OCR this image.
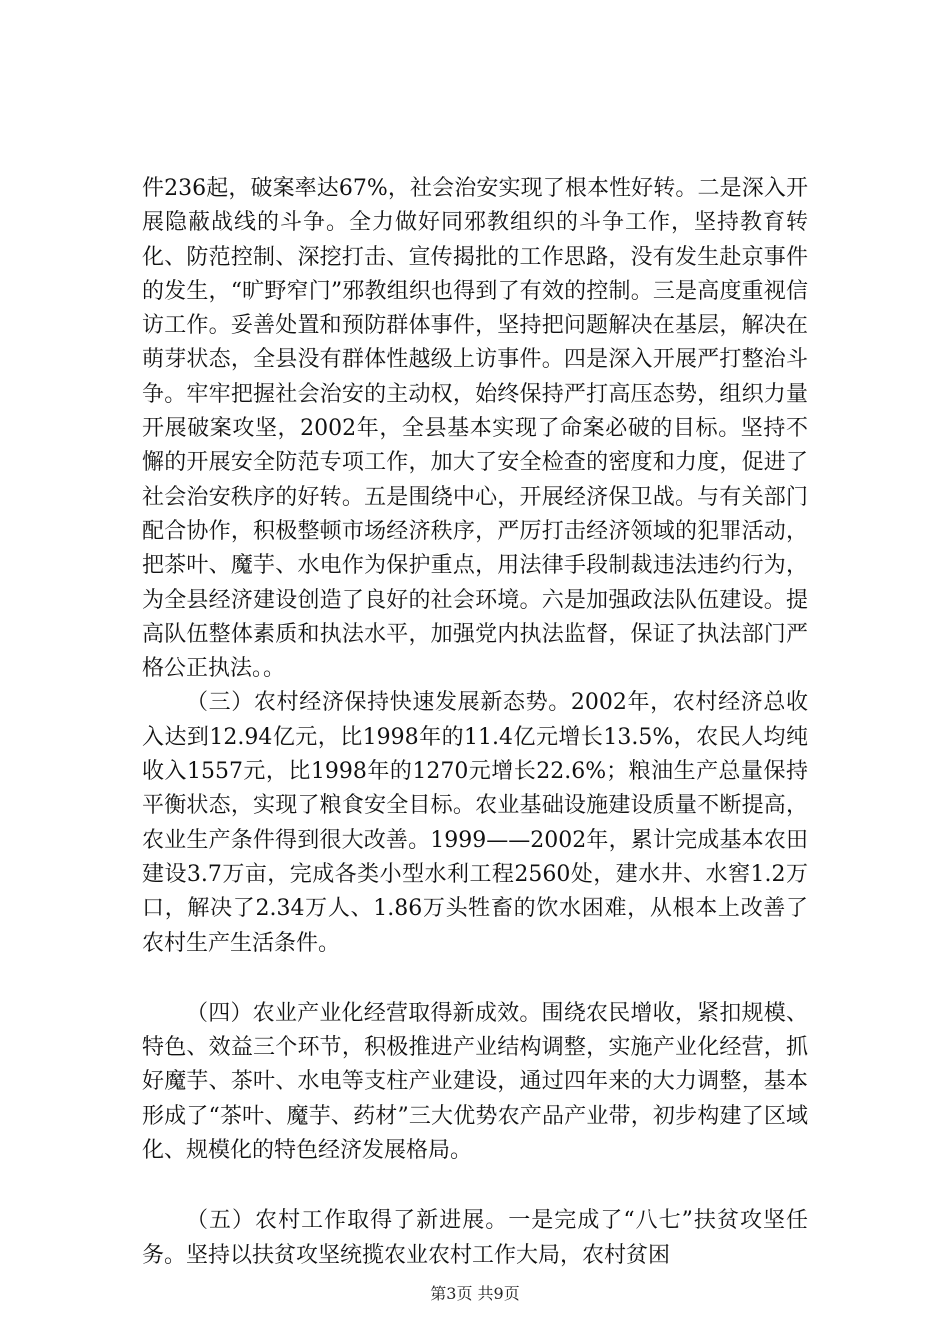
件236起，破案率达67%，社会治安实现了根本性好转。二是深入开展隐蔽战线的斗争。全力做好同邪教组织的斗争工作，坚持教育转化、防范控制、深挖打击、宣传揭批的工作思路，没有发生赴京事件的发生，“旷野窄门”邪教组织也得到了有效的控制。三是高度重视信访工作。妥善处置和预防群体事件，坚持把问题解决在基层，解决在萌芽状态，全县没有群体性越级上访事件。四是深入开展严打整治斗争。牢牢把握社会治安的主动权，始终保持严打高压态势，组织力量开展破案攻坚，2002年，全县基本实现了命案必破的目标。坚持不懈的开展安全防范专项工作，加大了安全检查的密度和力度，促进了社会治安秩序的好转。五是围绕中心，开展经济保卫战。与有关部门配合协作，积极整顿市场经济秩序，严厉打击经济领域的犯罪活动，把茶叶、魔芋、水电作为保护重点，用法律手段制裁违法违约行为，为全县经济建设创造了良好的社会环境。六是加强政法队伍建设。提高队伍整体素质和执法水平，加强党内执法监督，保证了执法部门严格公正执法。。

（三）农村经济保持快速发展新态势。2002年，农村经济总收入达到12.94亿元，比1998年的11.4亿元增长13.5%，农民人均纯收入1557元，比1998年的1270元增长22.6%；粮油生产总量保持平衡状态，实现了粮食安全目标。农业基础设施建设质量不断提高，农业生产条件得到很大改善。1999——2002年，累计完成基本农田建设3.7万亩，完成各类小型水利工程2560处，建水井、水窖1.2万口，解决了2.34万人、1.86万头牲畜的饮水困难，从根本上改善了农村生产生活条件。

（四）农业产业化经营取得新成效。围绕农民增收，紧扣规模、特色、效益三个环节，积极推进产业结构调整，实施产业化经营，抓好魔芋、茶叶、水电等支柱产业建设，通过四年来的大力调整，基本形成了“茶叶、魔芋、药材”三大优势农产品产业带，初步构建了区域化、规模化的特色经济发展格局。

（五）农村工作取得了新进展。一是完成了“八七”扶贫攻坚任务。坚持以扶贫攻坚统揽农业农村工作大局，农村贫困

第3页 共9页
